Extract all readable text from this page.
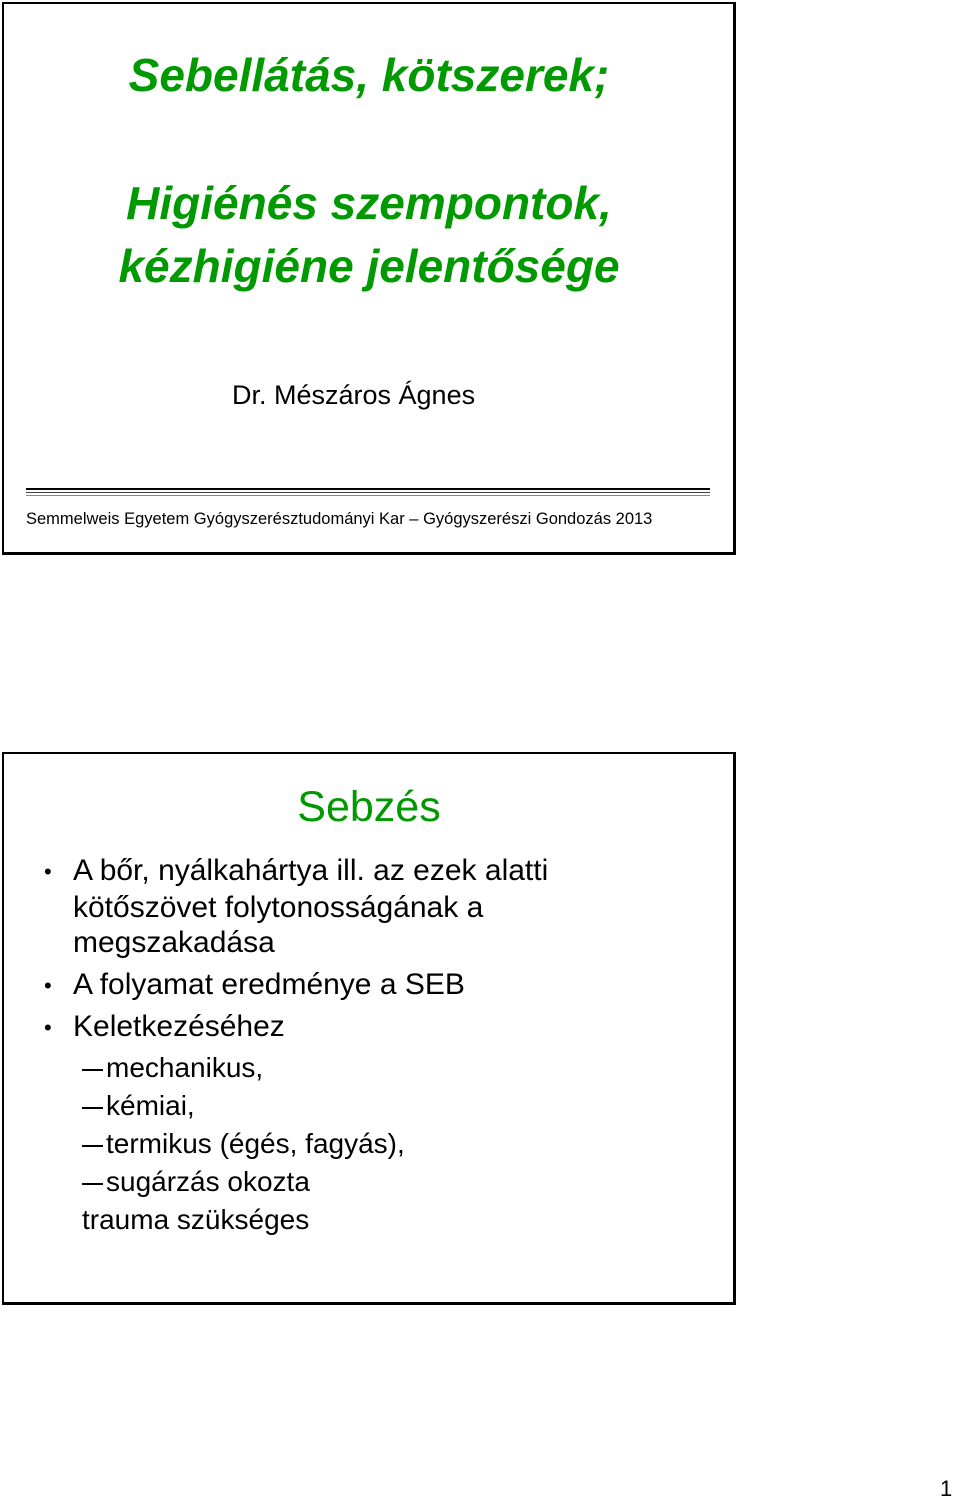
Sebellátás, kötszerek;
Higiénés szempontok,
kézhigiéne jelentősége
Dr. Mészáros Ágnes
Semmelweis Egyetem Gyógyszerésztudományi Kar – Gyógyszerészi Gondozás 2013
Sebzés
• A bőr, nyálkahártya ill. az ezek alatti
kötőszövet folytonosságának a
megszakadása
• A folyamat eredménye a SEB
• Keletkezéséhez
mechanikus,
kémiai,
termikus (égés, fagyás),
sugárzás okozta
trauma szükséges
1
